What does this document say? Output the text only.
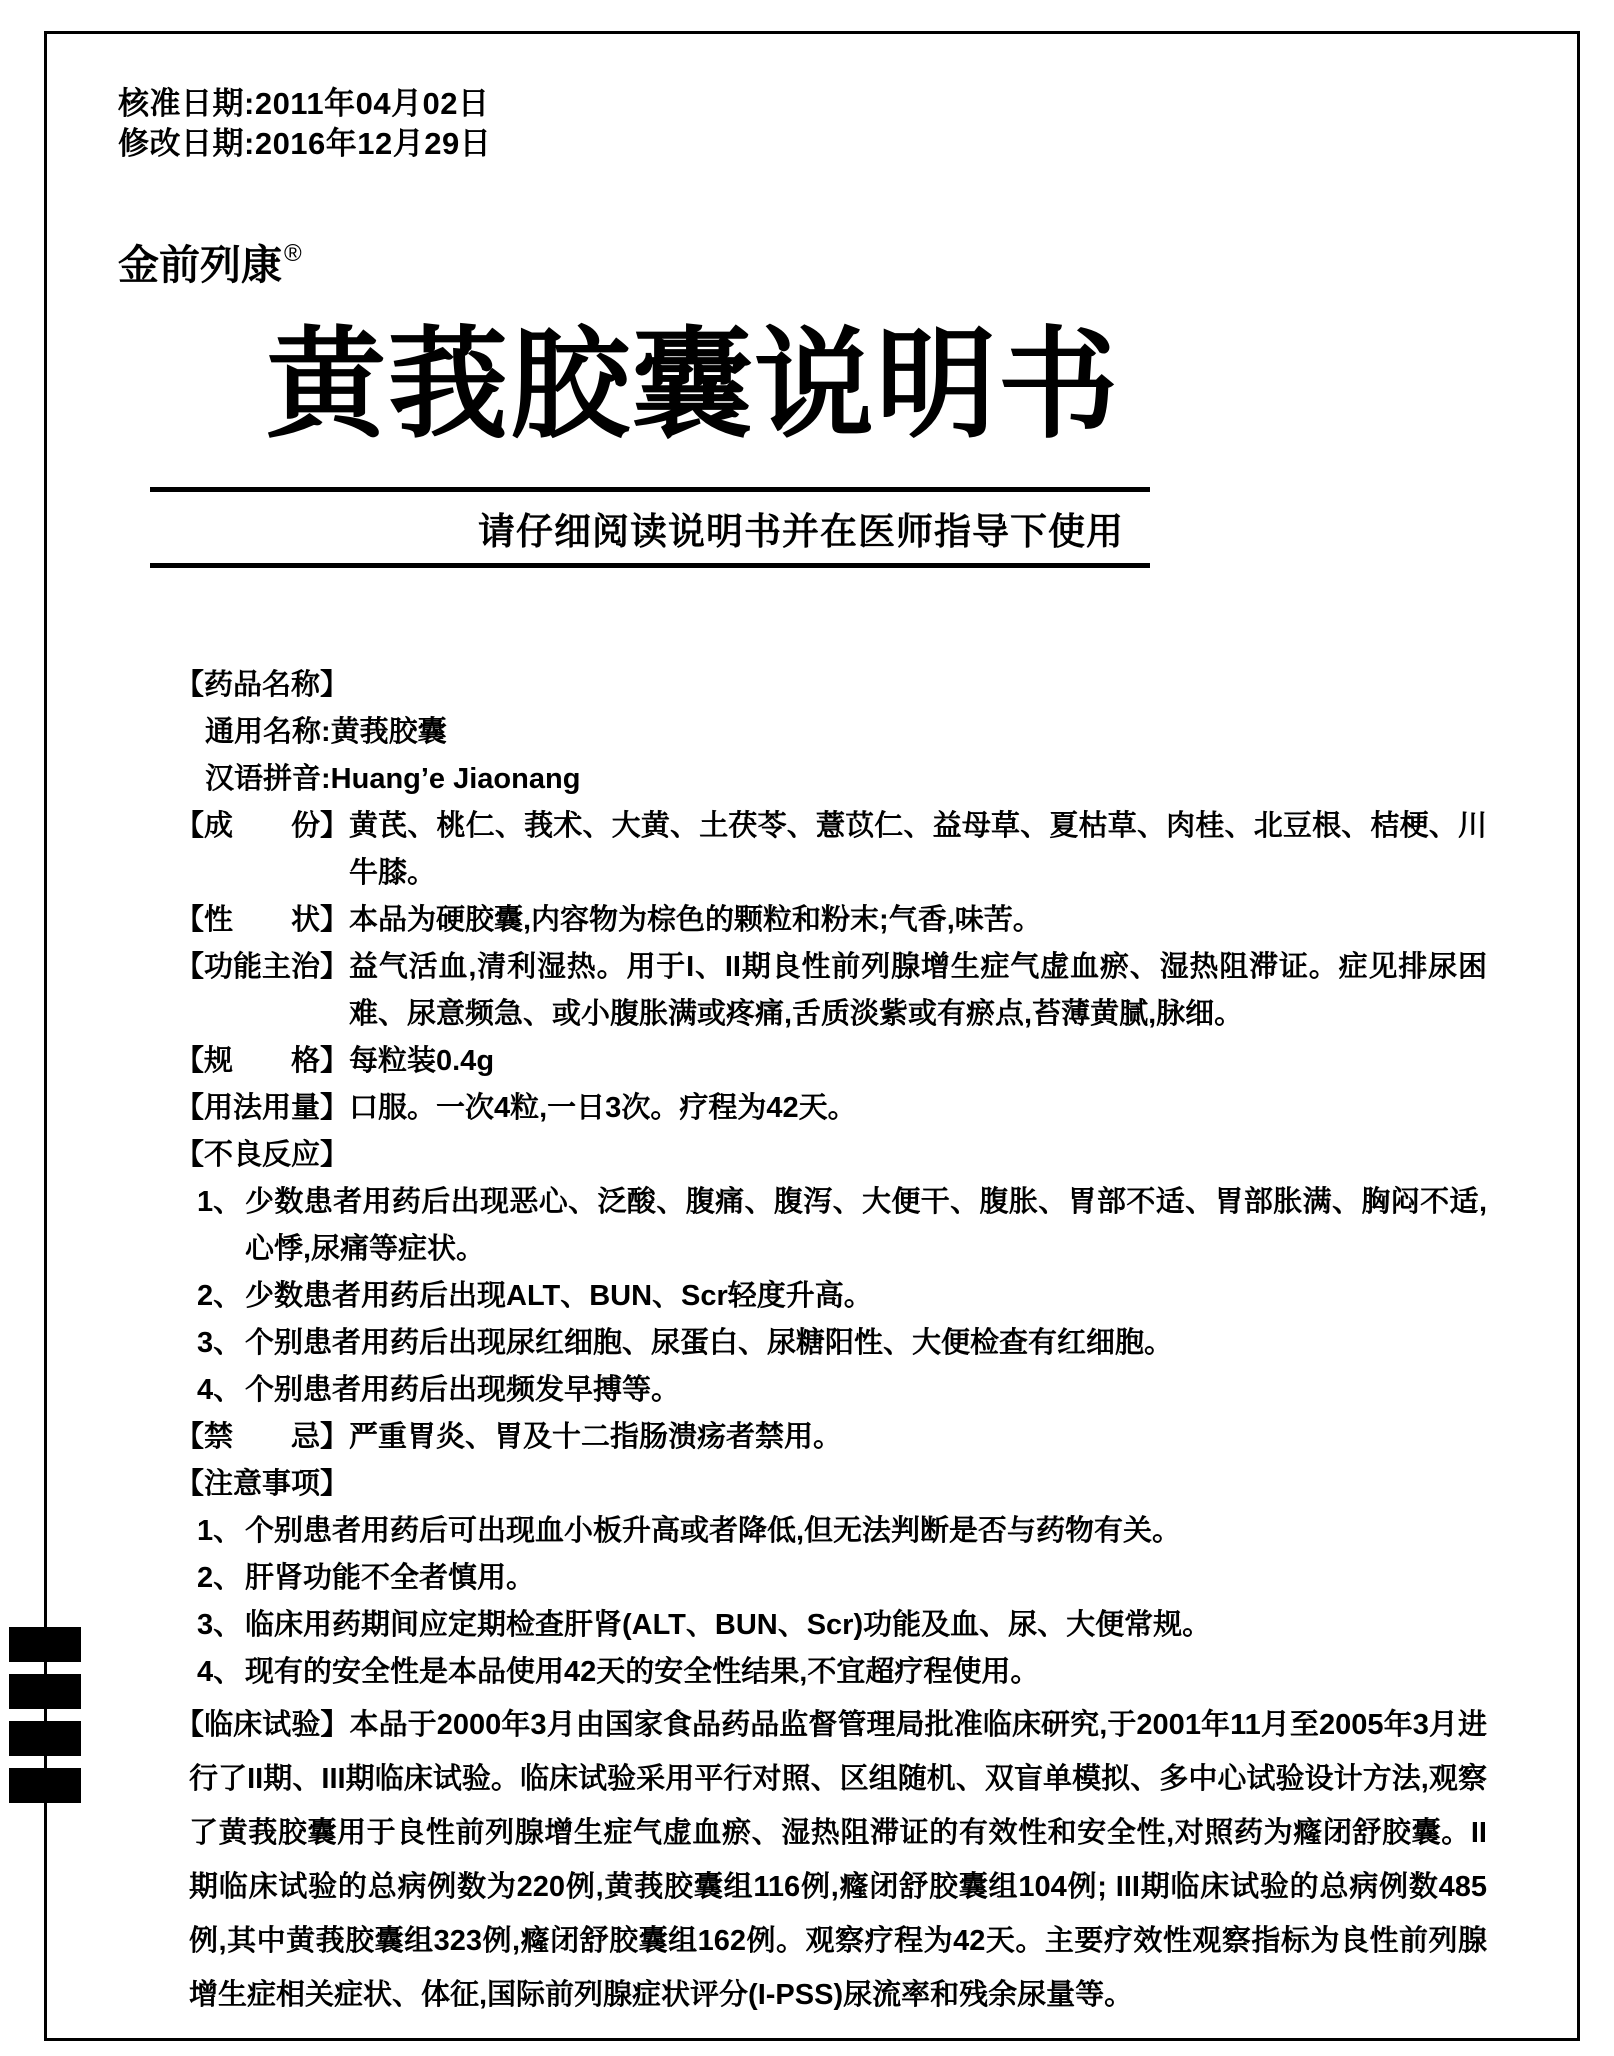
核准日期:2011年04月02日
修改日期:2016年12月29日
金前列康®
黄莪胶囊说明书
请仔细阅读说明书并在医师指导下使用
【药品名称】
通用名称:黄莪胶囊
汉语拼音:Huang’e Jiaonang
【成　　份】 黄芪、桃仁、莪术、大黄、土茯苓、薏苡仁、益母草、夏枯草、肉桂、北豆根、桔梗、川牛膝。
【性　　状】 本品为硬胶囊,内容物为棕色的颗粒和粉末;气香,味苦。
【功能主治】 益气活血,清利湿热。用于I、II期良性前列腺增生症气虚血瘀、湿热阻滞证。症见排尿困难、尿意频急、或小腹胀满或疼痛,舌质淡紫或有瘀点,苔薄黄腻,脉细。
【规　　格】 每粒装0.4g
【用法用量】 口服。一次4粒,一日3次。疗程为42天。
【不良反应】
1、 少数患者用药后出现恶心、泛酸、腹痛、腹泻、大便干、腹胀、胃部不适、胃部胀满、胸闷不适,心悸,尿痛等症状。
2、 少数患者用药后出现ALT、BUN、Scr轻度升高。
3、 个别患者用药后出现尿红细胞、尿蛋白、尿糖阳性、大便检查有红细胞。
4、 个别患者用药后出现频发早搏等。
【禁　　忌】 严重胃炎、胃及十二指肠溃疡者禁用。
【注意事项】
1、 个别患者用药后可出现血小板升高或者降低,但无法判断是否与药物有关。
2、 肝肾功能不全者慎用。
3、 临床用药期间应定期检查肝肾(ALT、BUN、Scr)功能及血、尿、大便常规。
4、 现有的安全性是本品使用42天的安全性结果,不宜超疗程使用。
【临床试验】本品于2000年3月由国家食品药品监督管理局批准临床研究,于2001年11月至2005年3月进行了II期、III期临床试验。临床试验采用平行对照、区组随机、双盲单模拟、多中心试验设计方法,观察了黄莪胶囊用于良性前列腺增生症气虚血瘀、湿热阻滞证的有效性和安全性,对照药为癃闭舒胶囊。II期临床试验的总病例数为220例,黄莪胶囊组116例,癃闭舒胶囊组104例; III期临床试验的总病例数485例,其中黄莪胶囊组323例,癃闭舒胶囊组162例。观察疗程为42天。主要疗效性观察指标为良性前列腺增生症相关症状、体征,国际前列腺症状评分(I-PSS)尿流率和残余尿量等。
